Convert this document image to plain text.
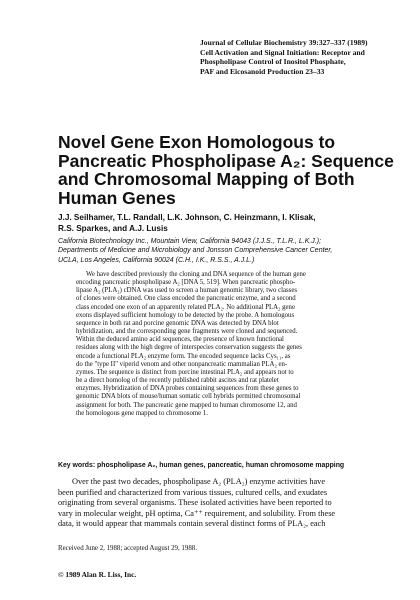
Journal of Cellular Biochemistry 39:327–337 (1989)
Cell Activation and Signal Initiation: Receptor and
Phospholipase Control of Inositol Phosphate,
PAF and Eicosanoid Production 23–33
Novel Gene Exon Homologous to
Pancreatic Phospholipase A₂: Sequence
and Chromosomal Mapping of Both
Human Genes
J.J. Seilhamer, T.L. Randall, L.K. Johnson, C. Heinzmann, I. Klisak,
R.S. Sparkes, and A.J. Lusis
California Biotechnology Inc., Mountain View, California 94043 (J.J.S., T.L.R., L.K.J.);
Departments of Medicine and Microbiology and Jonsson Comprehensive Cancer Center,
UCLA, Los Angeles, California 90024 (C.H., I.K., R.S.S., A.J.L.)
We have described previously the cloning and DNA sequence of the human gene
encoding pancreatic phospholipase A₂ [DNA 5, 519]. When pancreatic phospho-
lipase A₂ (PLA₂) cDNA was used to screen a human genomic library, two classes
of clones were obtained. One class encoded the pancreatic enzyme, and a second
class encoded one exon of an apparently related PLA₂. No additional PLA₂ gene
exons displayed sufficient homology to be detected by the probe. A homologous
sequence in both rat and porcine genomic DNA was detected by DNA blot
hybridization, and the corresponding gene fragments were cloned and sequenced.
Within the deduced amino acid sequences, the presence of known functional
residues along with the high degree of interspecies conservation suggests the genes
encode a functional PLA₂ enzyme form. The encoded sequence lacks Cys₁₁, as
do the "type II" viperid venom and other nonpancreatic mammalian PLA₂ en-
zymes. The sequence is distinct from porcine intestinal PLA₂ and appears not to
be a direct homolog of the recently published rabbit ascites and rat platelet
enzymes. Hybridization of DNA probes containing sequences from these genes to
genomic DNA blots of mouse/human somatic cell hybrids permitted chromosomal
assignment for both. The pancreatic gene mapped to human chromosome 12, and
the homologous gene mapped to chromosome 1.
Key words: phospholipase A₂, human genes, pancreatic, human chromosome mapping
Over the past two decades, phospholipase A₂ (PLA₂) enzyme activities have
been purified and characterized from various tissues, cultured cells, and exudates
originating from several organisms. These isolated activities have been reported to
vary in molecular weight, pH optima, Ca⁺⁺ requirement, and solubility. From these
data, it would appear that mammals contain several distinct forms of PLA₂, each
Received June 2, 1988; accepted August 29, 1988.
© 1989 Alan R. Liss, Inc.
